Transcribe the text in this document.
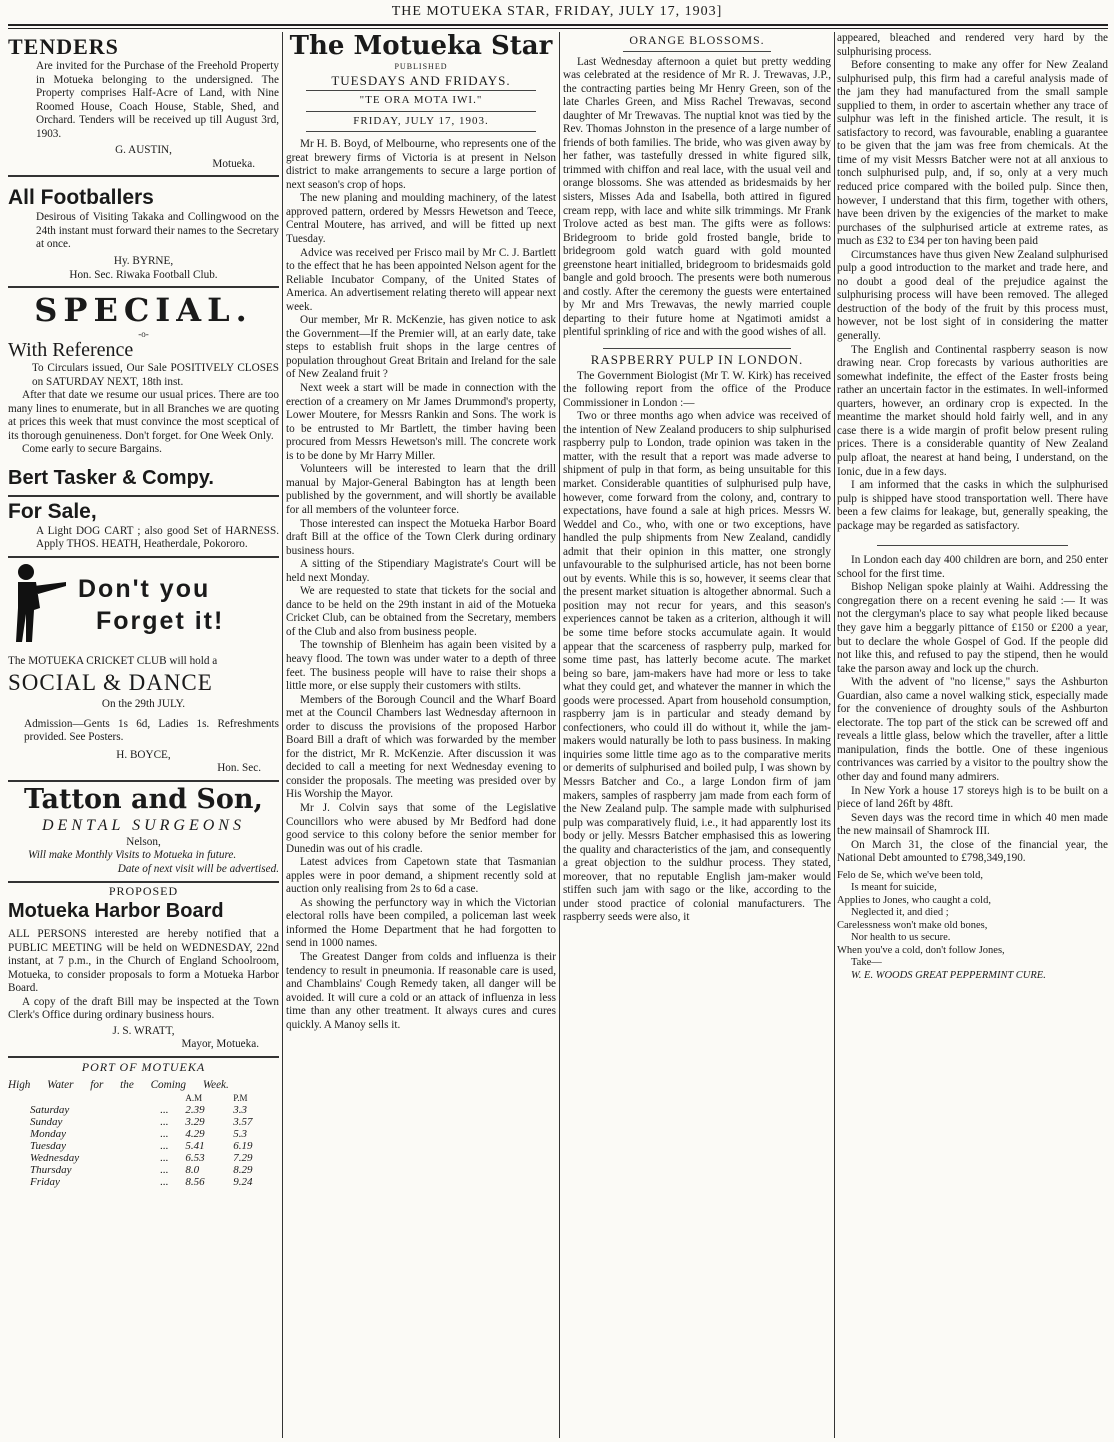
THE MOTUEKA STAR, FRIDAY, JULY 17, 1903]
TENDERS

Are invited for the Purchase of the Freehold Property in Motueka belonging to the undersigned. The Property comprises Half-Acre of Land, with Nine Roomed House, Coach House, Stable, Shed, and Orchard. Tenders will be received up till August 3rd, 1903.

G. AUSTIN,
Motueka.
All Footballers

Desirous of Visiting Takaka and Collingwood on the 24th instant must forward their names to the Secretary at once.

Hy. BYRNE,
Hon. Sec. Riwaka Football Club.
SPECIAL.
-o-
With Reference

To Circulars issued, Our Sale POSITIVELY CLOSES on SATURDAY NEXT, 18th inst.

After that date we resume our usual prices. There are too many lines to enumerate, but in all Branches we are quoting at prices this week that must convince the most sceptical of its thorough genuineness. Don't forget. for One Week Only.

Come early to secure Bargains.

Bert Tasker & Compy.
For Sale,

A Light DOG CART ; also good Set of HARNESS. Apply THOS. HEATH, Heatherdale, Pokororo.

Don't you
Forget it!

The MOTUEKA CRICKET CLUB will hold a

SOCIAL & DANCE
On the 29th JULY.

Admission—Gents 1s 6d, Ladies 1s. Refreshments provided. See Posters.

H. BOYCE,
Hon. Sec.
Tatton and Son,
DENTAL SURGEONS
Nelson,

Will make Monthly Visits to Motueka in future.

Date of next visit will be advertised.
PROPOSED
Motueka Harbor Board

ALL PERSONS interested are hereby notified that a PUBLIC MEETING will be held on WEDNESDAY, 22nd instant, at 7 p.m., in the Church of England Schoolroom, Motueka, to consider proposals to form a Motueka Harbor Board.

A copy of the draft Bill may be inspected at the Town Clerk's Office during ordinary business hours.

J. S. WRATT,
Mayor, Motueka.
PORT OF MOTUEKA
High Water for the Coming Week.
		A.M	P.M
Saturday	...	2.39	3.3
Sunday	...	3.29	3.57
Monday	...	4.29	5.3
Tuesday	...	5.41	6.19
Wednesday	...	6.53	7.29
Thursday	...	8.0	8.29
Friday	...	8.56	9.24
The Motueka Star
PUBLISHED
TUESDAYS AND FRIDAYS.
"TE ORA MOTA IWI."
FRIDAY, JULY 17, 1903.

Mr H. B. Boyd, of Melbourne, who represents one of the great brewery firms of Victoria is at present in Nelson district to make arrangements to secure a large portion of next season's crop of hops.

The new planing and moulding machinery, of the latest approved pattern, ordered by Messrs Hewetson and Teece, Central Moutere, has arrived, and will be fitted up next Tuesday.

Advice was received per Frisco mail by Mr C. J. Bartlett to the effect that he has been appointed Nelson agent for the Reliable Incubator Company, of the United States of America. An advertisement relating thereto will appear next week.

Our member, Mr R. McKenzie, has given notice to ask the Government—If the Premier will, at an early date, take steps to establish fruit shops in the large centres of population throughout Great Britain and Ireland for the sale of New Zealand fruit ?

Next week a start will be made in connection with the erection of a creamery on Mr James Drummond's property, Lower Moutere, for Messrs Rankin and Sons. The work is to be entrusted to Mr Bartlett, the timber having been procured from Messrs Hewetson's mill. The concrete work is to be done by Mr Harry Miller.

Volunteers will be interested to learn that the drill manual by Major-General Babington has at length been published by the government, and will shortly be available for all members of the volunteer force.

Those interested can inspect the Motueka Harbor Board draft Bill at the office of the Town Clerk during ordinary business hours.

A sitting of the Stipendiary Magistrate's Court will be held next Monday.

We are requested to state that tickets for the social and dance to be held on the 29th instant in aid of the Motueka Cricket Club, can be obtained from the Secretary, members of the Club and also from business people.

The township of Blenheim has again been visited by a heavy flood. The town was under water to a depth of three feet. The business people will have to raise their shops a little more, or else supply their customers with stilts.

Members of the Borough Council and the Wharf Board met at the Council Chambers last Wednesday afternoon in order to discuss the provisions of the proposed Harbor Board Bill a draft of which was forwarded by the member for the district, Mr R. McKenzie. After discussion it was decided to call a meeting for next Wednesday evening to consider the proposals. The meeting was presided over by His Worship the Mayor.

Mr J. Colvin says that some of the Legislative Councillors who were abused by Mr Bedford had done good service to this colony before the senior member for Dunedin was out of his cradle.

Latest advices from Capetown state that Tasmanian apples were in poor demand, a shipment recently sold at auction only realising from 2s to 6d a case.

As showing the perfunctory way in which the Victorian electoral rolls have been compiled, a policeman last week informed the Home Department that he had forgotten to send in 1000 names.

The Greatest Danger from colds and influenza is their tendency to result in pneumonia. If reasonable care is used, and Chamblains' Cough Remedy taken, all danger will be avoided. It will cure a cold or an attack of influenza in less time than any other treatment. It always cures and cures quickly. A Manoy sells it.

ORANGE BLOSSOMS.

Last Wednesday afternoon a quiet but pretty wedding was celebrated at the residence of Mr R. J. Trewavas, J.P., the contracting parties being Mr Henry Green, son of the late Charles Green, and Miss Rachel Trewavas, second daughter of Mr Trewavas. The nuptial knot was tied by the Rev. Thomas Johnston in the presence of a large number of friends of both families. The bride, who was given away by her father, was tastefully dressed in white figured silk, trimmed with chiffon and real lace, with the usual veil and orange blossoms. She was attended as bridesmaids by her sisters, Misses Ada and Isabella, both attired in figured cream repp, with lace and white silk trimmings. Mr Frank Trolove acted as best man. The gifts were as follows: Bridegroom to bride gold frosted bangle, bride to bridegroom gold watch guard with gold mounted greenstone heart initialled, bridegroom to bridesmaids gold bangle and gold brooch. The presents were both numerous and costly. After the ceremony the guests were entertained by Mr and Mrs Trewavas, the newly married couple departing to their future home at Ngatimoti amidst a plentiful sprinkling of rice and with the good wishes of all.

RASPBERRY PULP IN LONDON.

The Government Biologist (Mr T. W. Kirk) has received the following report from the office of the Produce Commissioner in London :—

Two or three months ago when advice was received of the intention of New Zealand producers to ship sulphurised raspberry pulp to London, trade opinion was taken in the matter, with the result that a report was made adverse to shipment of pulp in that form, as being unsuitable for this market. Considerable quantities of sulphurised pulp have, however, come forward from the colony, and, contrary to expectations, have found a sale at high prices. Messrs W. Weddel and Co., who, with one or two exceptions, have handled the pulp shipments from New Zealand, candidly admit that their opinion in this matter, one strongly unfavourable to the sulphurised article, has not been borne out by events. While this is so, however, it seems clear that the present market situation is altogether abnormal. Such a position may not recur for years, and this season's experiences cannot be taken as a criterion, although it will be some time before stocks accumulate again. It would appear that the scarceness of raspberry pulp, marked for some time past, has latterly become acute. The market being so bare, jam-makers have had more or less to take what they could get, and whatever the manner in which the goods were processed. Apart from household consumption, raspberry jam is in particular and steady demand by confectioners, who could ill do without it, while the jam-makers would naturally be loth to pass business. In making inquiries some little time ago as to the comparative merits or demerits of sulphurised and boiled pulp, I was shown by Messrs Batcher and Co., a large London firm of jam makers, samples of raspberry jam made from each form of the New Zealand pulp. The sample made with sulphurised pulp was comparatively fluid, i.e., it had apparently lost its body or jelly. Messrs Batcher emphasised this as lowering the quality and characteristics of the jam, and consequently a great objection to the suldhur process. They stated, moreover, that no reputable English jam-maker would stiffen such jam with sago or the like, according to the under stood practice of colonial manufacturers. The raspberry seeds were also, it

appeared, bleached and rendered very hard by the sulphurising process.

Before consenting to make any offer for New Zealand sulphurised pulp, this firm had a careful analysis made of the jam they had manufactured from the small sample supplied to them, in order to ascertain whether any trace of sulphur was left in the finished article. The result, it is satisfactory to record, was favourable, enabling a guarantee to be given that the jam was free from chemicals. At the time of my visit Messrs Batcher were not at all anxious to tonch sulphurised pulp, and, if so, only at a very much reduced price compared with the boiled pulp. Since then, however, I understand that this firm, together with others, have been driven by the exigencies of the market to make purchases of the sulphurised article at extreme rates, as much as £32 to £34 per ton having been paid

Circumstances have thus given New Zealand sulphurised pulp a good introduction to the market and trade here, and no doubt a good deal of the prejudice against the sulphurising process will have been removed. The alleged destruction of the body of the fruit by this process must, however, not be lost sight of in considering the matter generally.

The English and Continental raspberry season is now drawing near. Crop forecasts by various authorities are somewhat indefinite, the effect of the Easter frosts being rather an uncertain factor in the estimates. In well-informed quarters, however, an ordinary crop is expected. In the meantime the market should hold fairly well, and in any case there is a wide margin of profit below present ruling prices. There is a considerable quantity of New Zealand pulp afloat, the nearest at hand being, I understand, on the Ionic, due in a few days.

I am informed that the casks in which the sulphurised pulp is shipped have stood transportation well. There have been a few claims for leakage, but, generally speaking, the package may be regarded as satisfactory.

In London each day 400 children are born, and 250 enter school for the first time.

Bishop Neligan spoke plainly at Waihi. Addressing the congregation there on a recent evening he said :— It was not the clergyman's place to say what people liked because they gave him a beggarly pittance of £150 or £200 a year, but to declare the whole Gospel of God. If the people did not like this, and refused to pay the stipend, then he would take the parson away and lock up the church.

With the advent of "no license," says the Ashburton Guardian, also came a novel walking stick, especially made for the convenience of droughty souls of the Ashburton electorate. The top part of the stick can be screwed off and reveals a little glass, below which the traveller, after a little manipulation, finds the bottle. One of these ingenious contrivances was carried by a visitor to the poultry show the other day and found many admirers.

In New York a house 17 storeys high is to be built on a piece of land 26ft by 48ft.

Seven days was the record time in which 40 men made the new mainsail of Shamrock III.

On March 31, the close of the financial year, the National Debt amounted to £798,349,190.

Felo de Se, which we've been told,

Is meant for suicide,

Applies to Jones, who caught a cold,

Neglected it, and died ;

Carelessness won't make old bones,

Nor health to us secure.

When you've a cold, don't follow Jones,

Take—

W. E. WOODS GREAT PEPPERMINT CURE.
